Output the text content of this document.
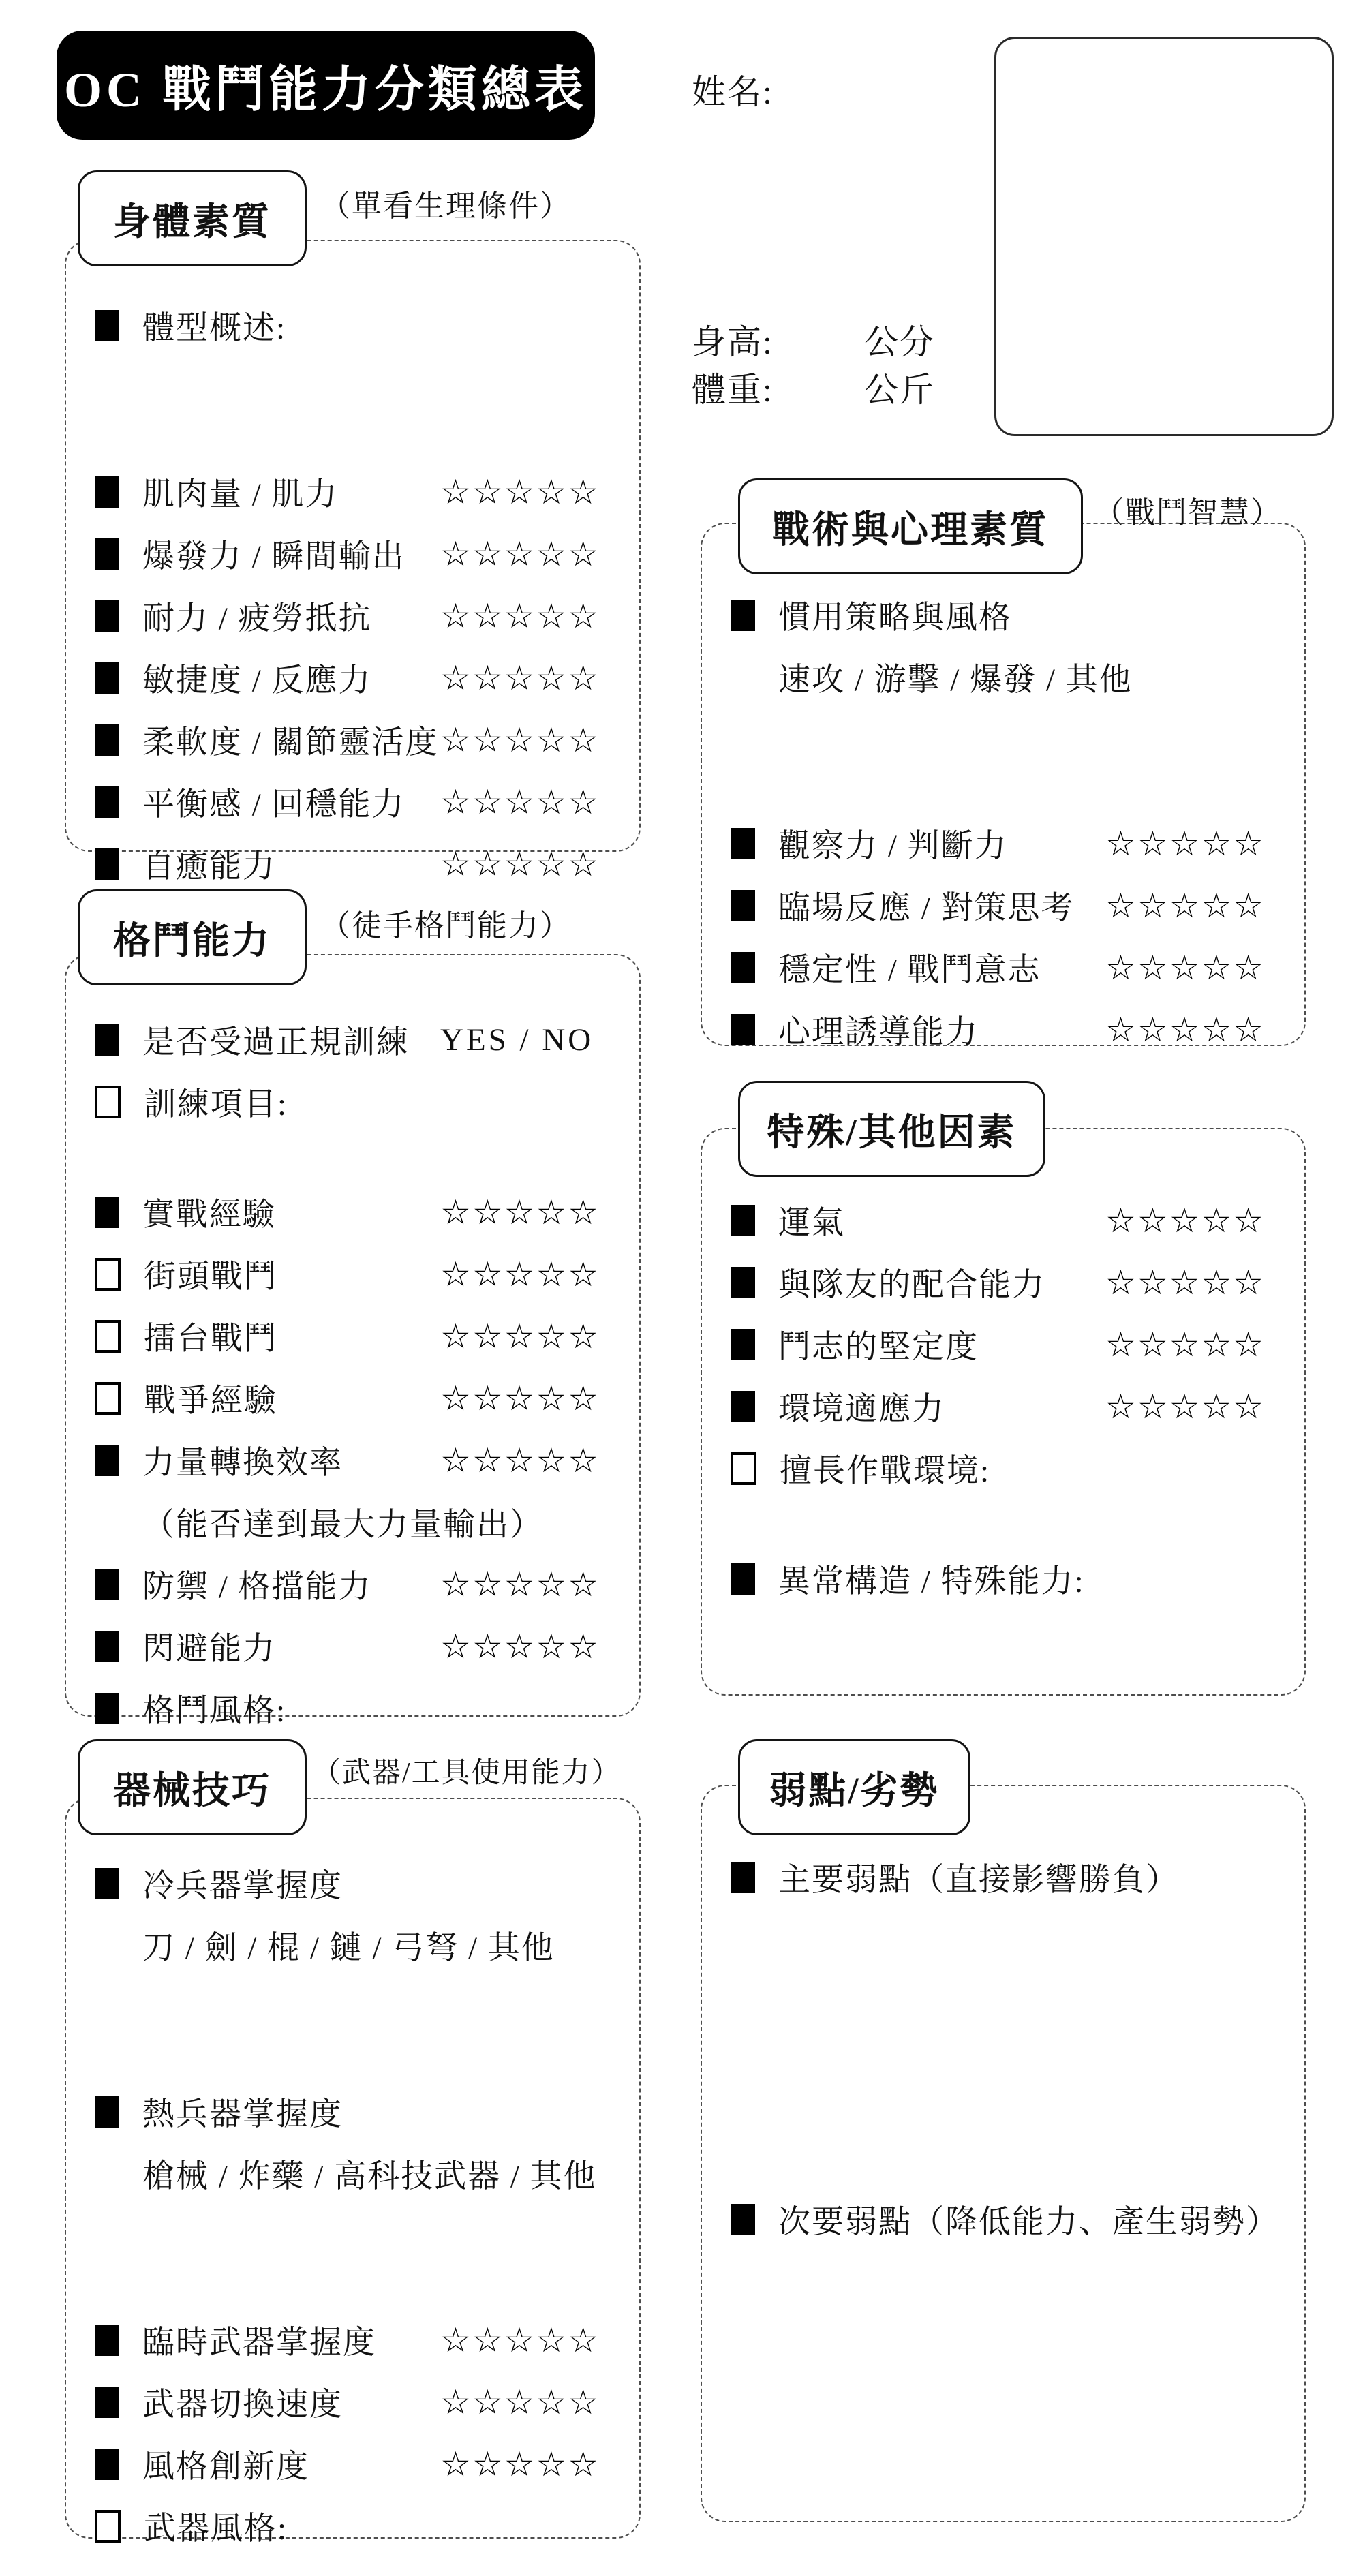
OC 戰鬥能力分類總表	姓名:
身高:	公分
體重:	公斤
體型概述:
肌肉量 / 肌力	☆☆☆☆☆
爆發力 / 瞬間輸出 ☆☆☆☆☆
耐力 / 疲勞抵抗 ☆☆☆☆☆
敏捷度 / 反應力 ☆☆☆☆☆
柔軟度 / 關節靈活度 ☆☆☆☆☆
平衡感 / 回穩能力 ☆☆☆☆☆
自癒能力	☆☆☆☆☆
是否受過正規訓練 YES / NO
訓練項目:
實戰經驗	☆☆☆☆☆
街頭戰鬥	☆☆☆☆☆
擂台戰鬥	☆☆☆☆☆
戰爭經驗	☆☆☆☆☆
力量轉換效率	☆☆☆☆☆
（能否達到最大力量輸出）
防禦 / 格擋能力 ☆☆☆☆☆
閃避能力	☆☆☆☆☆
格鬥風格:
冷兵器掌握度
刀 / 劍 / 棍 / 鏈 / 弓弩 / 其他
熱兵器掌握度
槍械 / 炸藥 / 高科技武器 / 其他
臨時武器掌握度 ☆☆☆☆☆
武器切換速度	☆☆☆☆☆
風格創新度	☆☆☆☆☆
武器風格:
慣用策略與風格
速攻 / 游擊 / 爆發 / 其他
觀察力 / 判斷力	☆☆☆☆☆
臨場反應 / 對策思考 ☆☆☆☆☆
穩定性 / 戰鬥意志 ☆☆☆☆☆
心理誘導能力	☆☆☆☆☆
運氣	☆☆☆☆☆
與隊友的配合能力 ☆☆☆☆☆
鬥志的堅定度	☆☆☆☆☆
環境適應力	☆☆☆☆☆
擅長作戰環境:
異常構造 / 特殊能力:
主要弱點（直接影響勝負）
次要弱點（降低能力、產生弱勢）
身體素質 （單看生理條件）
格鬥能力 （徒手格鬥能力）
器械技巧 （武器/工具使用能力）
戰術與心理素質 （戰鬥智慧）
特殊/其他因素
弱點/劣勢
